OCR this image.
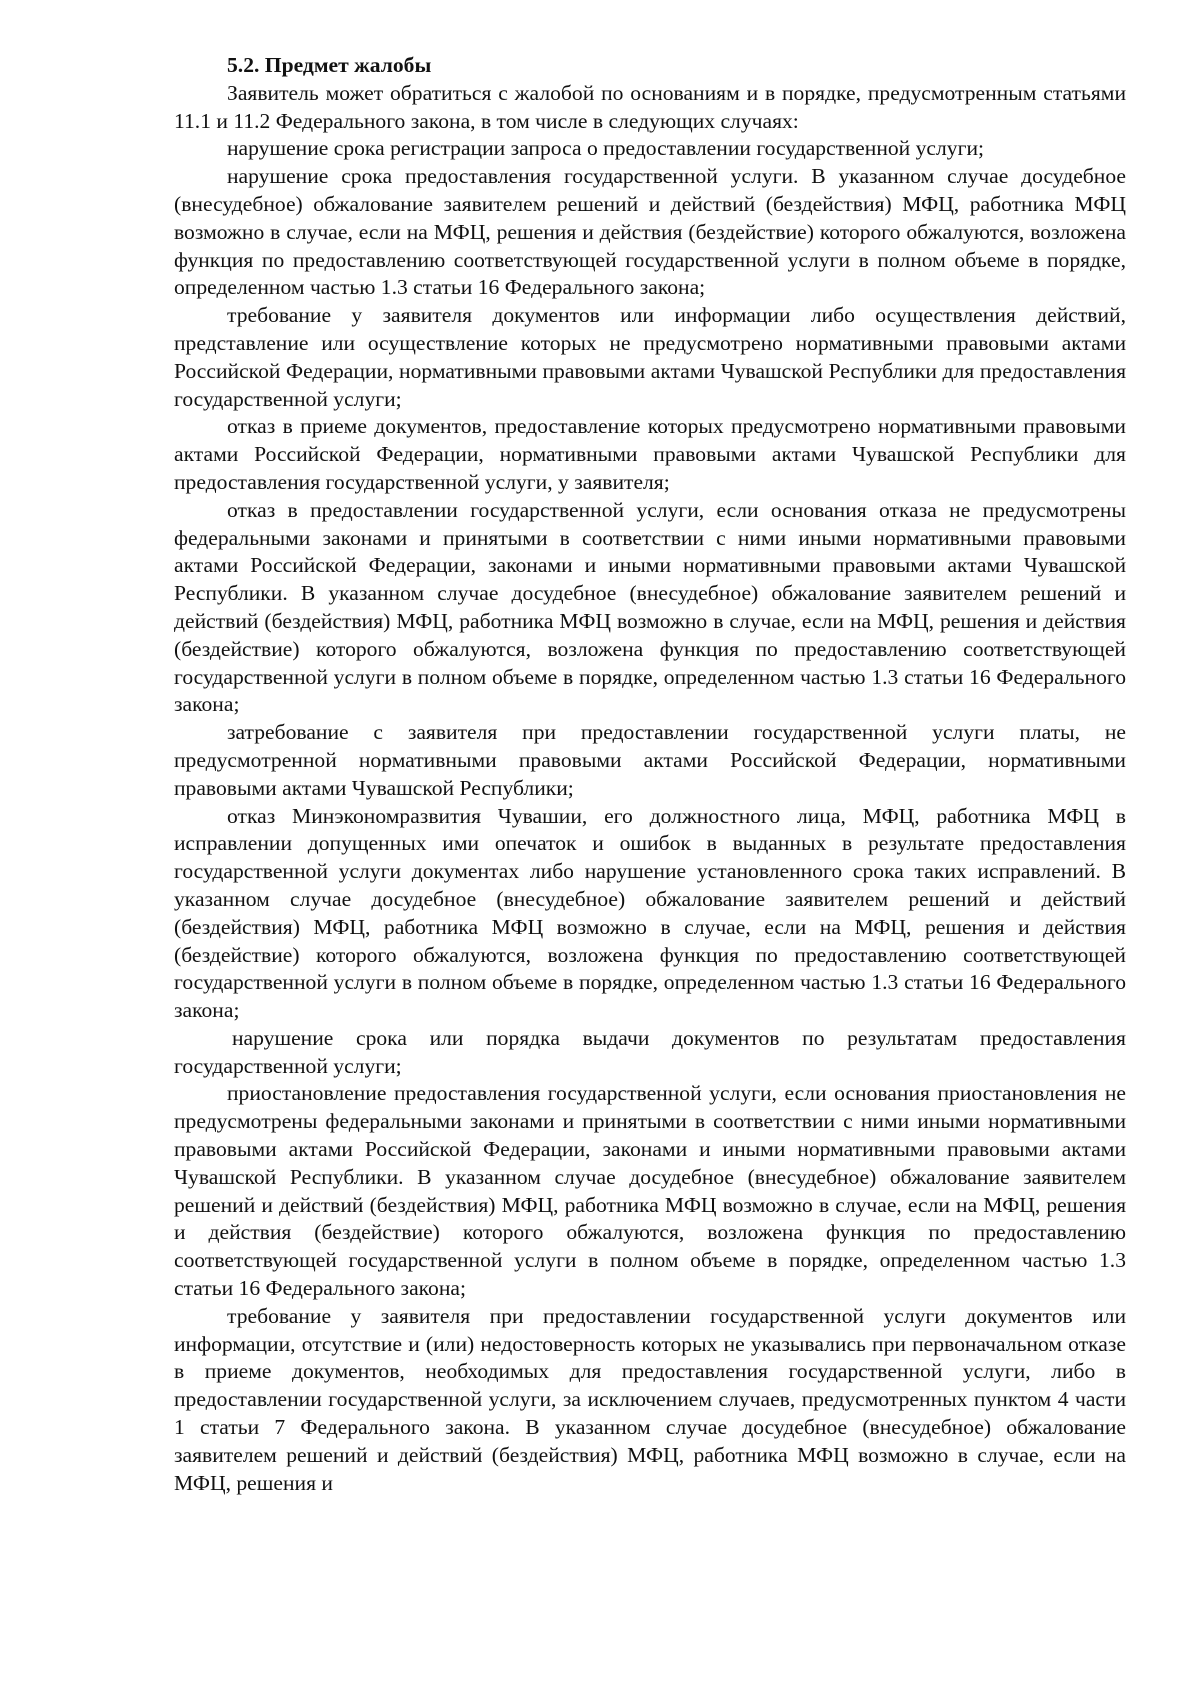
5.2. Предмет жалобы

Заявитель может обратиться с жалобой по основаниям и в порядке, предусмотренным статьями 11.1 и 11.2 Федерального закона, в том числе в следующих случаях:

нарушение срока регистрации запроса о предоставлении государственной услуги;

нарушение срока предоставления государственной услуги. В указанном случае досудебное (внесудебное) обжалование заявителем решений и действий (бездействия) МФЦ, работника МФЦ возможно в случае, если на МФЦ, решения и действия (бездействие) которого обжалуются, возложена функция по предоставлению соответствующей государственной услуги в полном объеме в порядке, определенном частью 1.3 статьи 16 Федерального закона;

требование у заявителя документов или информации либо осуществления действий, представление или осуществление которых не предусмотрено нормативными правовыми актами Российской Федерации, нормативными правовыми актами Чувашской Республики для предоставления государственной услуги;

отказ в приеме документов, предоставление которых предусмотрено нормативными правовыми актами Российской Федерации, нормативными правовыми актами Чувашской Республики для предоставления государственной услуги, у заявителя;

отказ в предоставлении государственной услуги, если основания отказа не предусмотрены федеральными законами и принятыми в соответствии с ними иными нормативными правовыми актами Российской Федерации, законами и иными нормативными правовыми актами Чувашской Республики. В указанном случае досудебное (внесудебное) обжалование заявителем решений и действий (бездействия) МФЦ, работника МФЦ возможно в случае, если на МФЦ, решения и действия (бездействие) которого обжалуются, возложена функция по предоставлению соответствующей государственной услуги в полном объеме в порядке, определенном частью 1.3 статьи 16 Федерального закона;

затребование с заявителя при предоставлении государственной услуги платы, не предусмотренной нормативными правовыми актами Российской Федерации, нормативными правовыми актами Чувашской Республики;

отказ Минэкономразвития Чувашии, его должностного лица, МФЦ, работника МФЦ в исправлении допущенных ими опечаток и ошибок в выданных в результате предоставления государственной услуги документах либо нарушение установленного срока таких исправлений. В указанном случае досудебное (внесудебное) обжалование заявителем решений и действий (бездействия) МФЦ, работника МФЦ возможно в случае, если на МФЦ, решения и действия (бездействие) которого обжалуются, возложена функция по предоставлению соответствующей государственной услуги в полном объеме в порядке, определенном частью 1.3 статьи 16 Федерального закона;

нарушение срока или порядка выдачи документов по результатам предоставления государственной услуги;

приостановление предоставления государственной услуги, если основания приостановления не предусмотрены федеральными законами и принятыми в соответствии с ними иными нормативными правовыми актами Российской Федерации, законами и иными нормативными правовыми актами Чувашской Республики. В указанном случае досудебное (внесудебное) обжалование заявителем решений и действий (бездействия) МФЦ, работника МФЦ возможно в случае, если на МФЦ, решения и действия (бездействие) которого обжалуются, возложена функция по предоставлению соответствующей государственной услуги в полном объеме в порядке, определенном частью 1.3 статьи 16 Федерального закона;

требование у заявителя при предоставлении государственной услуги документов или информации, отсутствие и (или) недостоверность которых не указывались при первоначальном отказе в приеме документов, необходимых для предоставления государственной услуги, либо в предоставлении государственной услуги, за исключением случаев, предусмотренных пунктом 4 части 1 статьи 7 Федерального закона. В указанном случае досудебное (внесудебное) обжалование заявителем решений и действий (бездействия) МФЦ, работника МФЦ возможно в случае, если на МФЦ, решения и
